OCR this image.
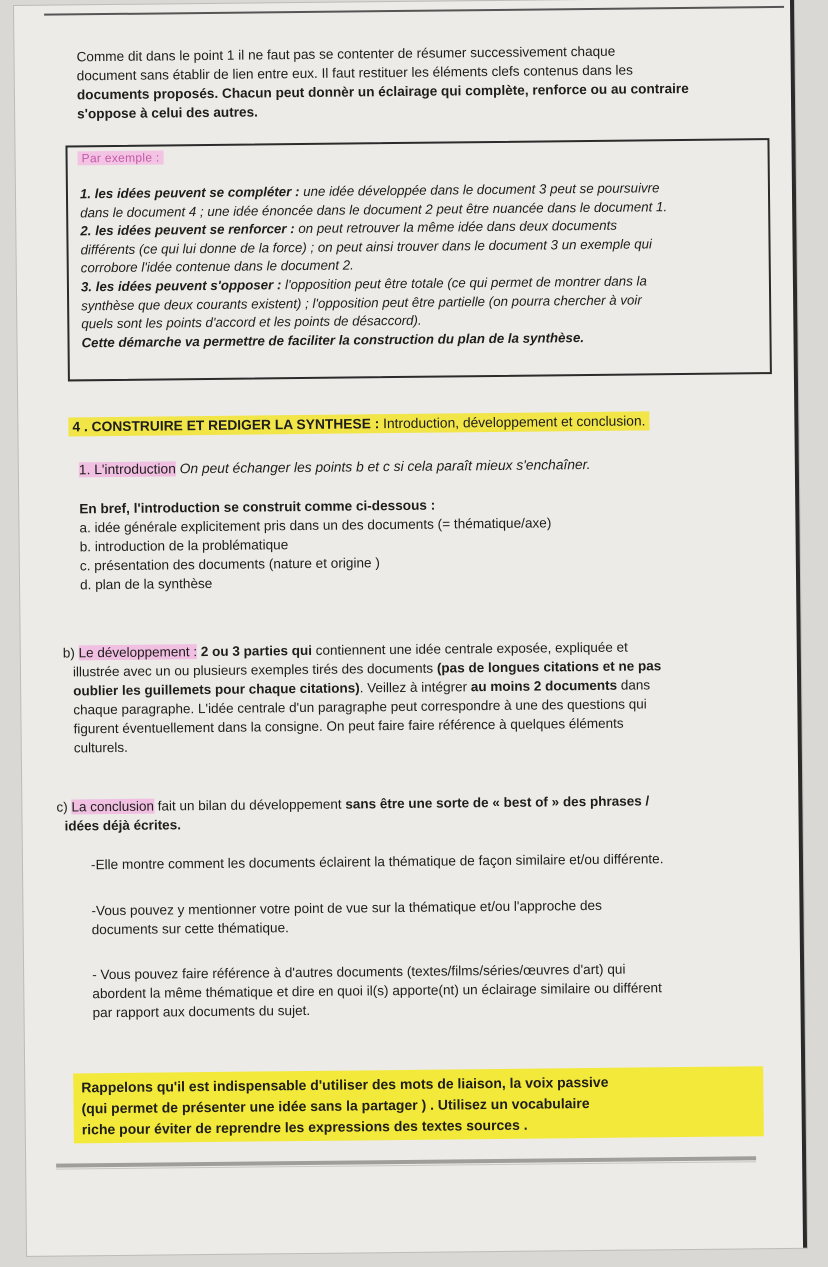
Comme dit dans le point 1 il ne faut pas se contenter de résumer successivement chaque
document sans établir de lien entre eux. Il faut restituer les éléments clefs contenus dans les
documents proposés. Chacun peut donnèr un éclairage qui complète, renforce ou au contraire
s'oppose à celui des autres.
Par exemple :
1. les idées peuvent se compléter : une idée développée dans le document 3 peut se poursuivre
dans le document 4 ; une idée énoncée dans le document 2 peut être nuancée dans le document 1.
2. les idées peuvent se renforcer : on peut retrouver la même idée dans deux documents
différents (ce qui lui donne de la force) ; on peut ainsi trouver dans le document 3 un exemple qui
corrobore l'idée contenue dans le document 2.
3. les idées peuvent s'opposer : l'opposition peut être totale (ce qui permet de montrer dans la
synthèse que deux courants existent) ; l'opposition peut être partielle (on pourra chercher à voir
quels sont les points d'accord et les points de désaccord).
Cette démarche va permettre de faciliter la construction du plan de la synthèse.
4 . CONSTRUIRE ET REDIGER LA SYNTHESE : Introduction, développement et conclusion.
1. L'introduction On peut échanger les points b et c si cela paraît mieux s'enchaîner.
En bref, l'introduction se construit comme ci-dessous :
a. idée générale explicitement pris dans un des documents (= thématique/axe)
b. introduction de la problématique
c. présentation des documents (nature et origine )
d. plan de la synthèse
b) Le développement : 2 ou 3 parties qui contiennent une idée centrale exposée, expliquée et
illustrée avec un ou plusieurs exemples tirés des documents (pas de longues citations et ne pas
oublier les guillemets pour chaque citations). Veillez à intégrer au moins 2 documents dans
chaque paragraphe. L'idée centrale d'un paragraphe peut correspondre à une des questions qui
figurent éventuellement dans la consigne. On peut faire faire référence à quelques éléments
culturels.
c) La conclusion fait un bilan du développement sans être une sorte de « best of » des phrases /
idées déjà écrites.
-Elle montre comment les documents éclairent la thématique de façon similaire et/ou différente.
-Vous pouvez y mentionner votre point de vue sur la thématique et/ou l'approche des
documents sur cette thématique.
- Vous pouvez faire référence à d'autres documents (textes/films/séries/œuvres d'art) qui
abordent la même thématique et dire en quoi il(s) apporte(nt) un éclairage similaire ou différent
par rapport aux documents du sujet.
Rappelons qu'il est indispensable d'utiliser des mots de liaison, la voix passive
(qui permet de présenter une idée sans la partager ) . Utilisez un vocabulaire
riche pour éviter de reprendre les expressions des textes sources .
